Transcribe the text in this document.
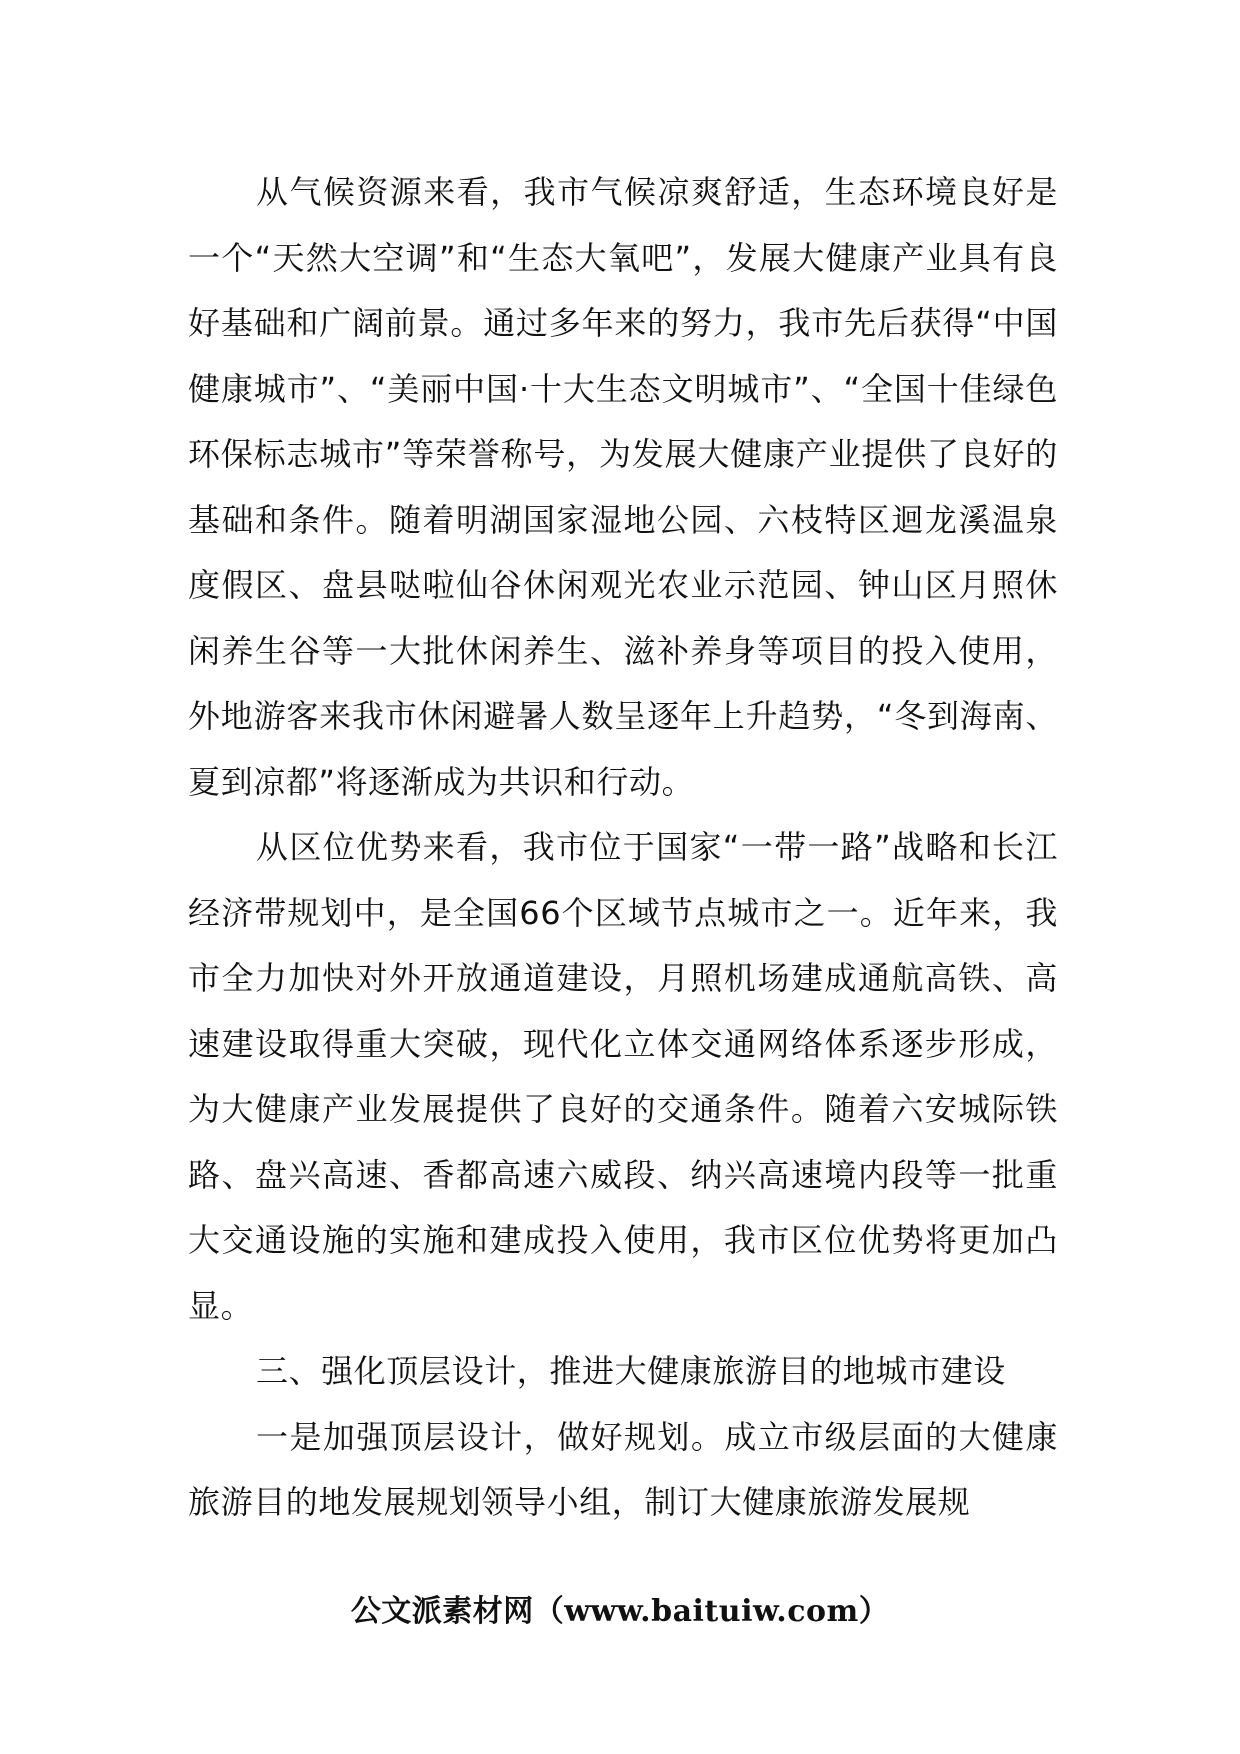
从气候资源来看，我市气候凉爽舒适，生态环境良好是一个“天然大空调”和“生态大氧吧”，发展大健康产业具有良好基础和广阔前景。通过多年来的努力，我市先后获得“中国健康城市”、“美丽中国·十大生态文明城市”、“全国十佳绿色环保标志城市”等荣誉称号，为发展大健康产业提供了良好的基础和条件。随着明湖国家湿地公园、六枝特区迴龙溪温泉度假区、盘县哒啦仙谷休闲观光农业示范园、钟山区月照休闲养生谷等一大批休闲养生、滋补养身等项目的投入使用，外地游客来我市休闲避暑人数呈逐年上升趋势，“冬到海南、夏到凉都”将逐渐成为共识和行动。

从区位优势来看，我市位于国家“一带一路”战略和长江经济带规划中，是全国66个区域节点城市之一。近年来，我市全力加快对外开放通道建设，月照机场建成通航高铁、高速建设取得重大突破，现代化立体交通网络体系逐步形成，为大健康产业发展提供了良好的交通条件。随着六安城际铁路、盘兴高速、香都高速六威段、纳兴高速境内段等一批重大交通设施的实施和建成投入使用，我市区位优势将更加凸显。

三、强化顶层设计，推进大健康旅游目的地城市建设

一是加强顶层设计，做好规划。成立市级层面的大健康旅游目的地发展规划领导小组，制订大健康旅游发展规

公文派素材网（www.baituiw.com）
